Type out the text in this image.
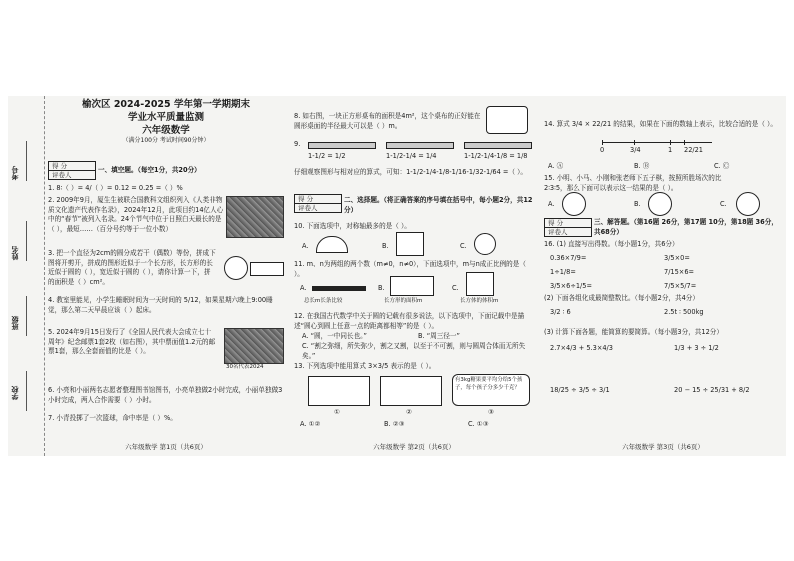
学校
班级
姓名
考号
榆次区 2024-2025 学年第一学期期末
学业水平质量监测
六年级数学
（满分100分 考试时间90分钟）
得 分
评卷人
一、填空题。（每空1分，共20分）
1. 8∶（ ）= 4/（ ）= 0.12 = 0.25 =（ ）%
2. 2009年9月，厦生生被联合国教科文组织列入《人类非物质文化遗产代表作名录》，2024年12月，此项目约14亿人心中的“春节”被列入名录。24个节气中位于日照白天最长的是（ ），最短……（百分号约等于一位小数）
3. 把一个直径为2cm的圆分成若干（偶数）等份，拼成下图将开剪开，拼成的图形近似于一个长方形，长方形的长近似于圆的（ ），宽近似于圆的（ ），请你计算一下，拼的面积是（ ）cm²。
4. 教室里能见，小学生睡眠时间为一天时间的 5/12，如果星期六晚上9:00睡觉，那么第二天早晨应该（ ）起床。
5. 2024年9月15日发行了《全国人民代表大会成立七十周年》纪念邮票1套2枚（如右图），其中票面值1.2元的邮票1套，那么全套面值的比是（ ）。
30名代表2024
6. 小亮和小丽两名志愿者整理图书馆图书，小亮单独做2小时完成，小丽单独做3小时完成，两人合作需要（ ）小时。
7. 小青投掷了一次篮球，命中率是（ ）%。
六年级数学 第1页（共6页）
8. 如右图，一块正方形桌布的面积是4m²，这个桌布的正好能在圆形桌面的半径最大可以是（ ）m。
9.
1-1/2 = 1/2	1-1/2-1/4 = 1/4	1-1/2-1/4-1/8 = 1/8
仔细观察图形与相对应的算式，可知：1-1/2-1/4-1/8-1/16-1/32-1/64 =（ ）。
得 分
评卷人
二、选择题。（将正确答案的序号填在括号中，每小题2分，共12分）
10. 下面选项中，对称轴最多的是（ ）。
A.	B.	C.
11. m、n为两组的两个数（m≠0，n≠0），下面选项中，m与n成正比例的是（ ）。
A.	B.	C.
总长m长条比较	长方形的面积m	长方体的体积m
12. 在我国古代数学中关于圆的记载有很多说法，以下选项中，下面记载中是描述“圆心到圆上任意一点的距离都相等”的是（ ）。
A. “圆，一中同长也。”	B. “周三径一”
C. “割之弥细，所失弥少，割之又割，以至于不可割，则与圆周合体而无所失矣。”
13. 下列选项中能用算式 3×3/5 表示的是（ ）。
有3kg糖果要平均分给5个孩子，每个孩子分多少千克？
①	②	③
A. ①②	B. ②③	C. ①③
六年级数学 第2页（共6页）
14. 算式 3/4 × 22/21 的结果，如果在下面的数轴上表示，比较合适的是（ ）。
0	3/4	1	22/21
A. Ⓐ	B. Ⓑ	C. Ⓒ
15. 小明、小马、小刚和张老师下五子棋，按照所胜场次的比2∶3∶5，那么下面可以表示这一结果的是（ ）。
A.	B.	C.
得 分
评卷人
三、解答题。（第16题 26分，第17题 10分，第18题 36分，共68分）
16. (1) 直接写出得数。（每小题1分，共6分）
0.36×7/9=	3/5×0=
1÷1/8=	7/15×6=
3/5×6÷1/5=	7/5×5/7=
(2) 下面各组化成最简整数比。（每小题2分，共4分）
3/2 ∶ 6	2.5t ∶ 500kg
(3) 计算下面各题，能简算的要简算。（每小题3分，共12分）
2.7×4/3 + 5.3×4/3	1/3 + 3 ÷ 1/2
18/25 ÷ 3/5 ÷ 3/1	20 − 15 ÷ 25/31 + 8/2
六年级数学 第3页（共6页）
